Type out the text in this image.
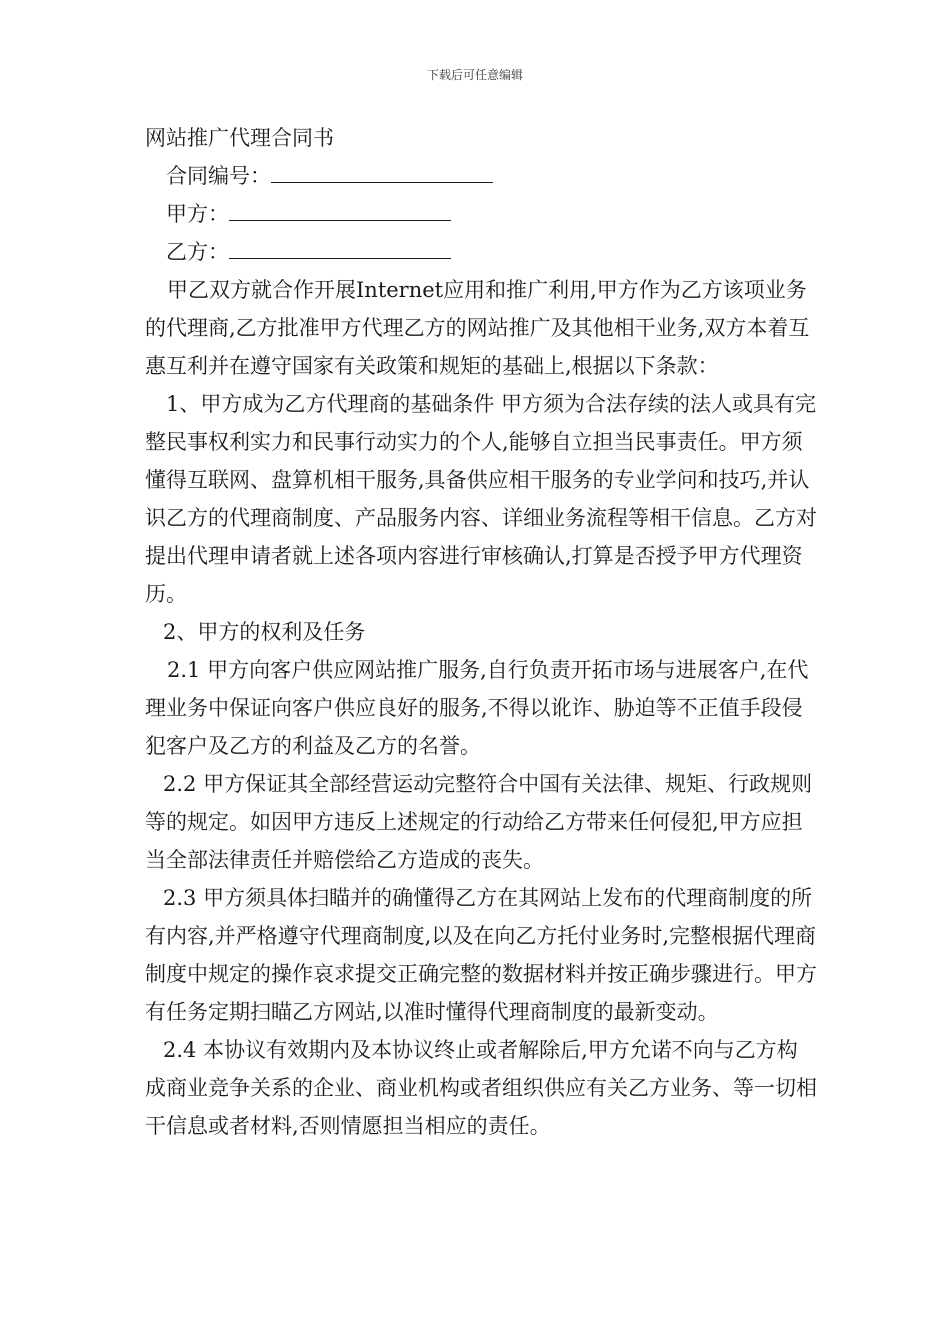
下载后可任意编辑

网站推广代理合同书

合同编号：

甲方：

乙方：

甲乙双方就合作开展Internet应用和推广利用,甲方作为乙方该项业务的代理商,乙方批准甲方代理乙方的网站推广及其他相干业务,双方本着互惠互利并在遵守国家有关政策和规矩的基础上,根据以下条款：

1、甲方成为乙方代理商的基础条件 甲方须为合法存续的法人或具有完整民事权利实力和民事行动实力的个人,能够自立担当民事责任。甲方须懂得互联网、盘算机相干服务,具备供应相干服务的专业学问和技巧,并认识乙方的代理商制度、产品服务内容、详细业务流程等相干信息。乙方对提出代理申请者就上述各项内容进行审核确认,打算是否授予甲方代理资历。

2、甲方的权利及任务

2.1 甲方向客户供应网站推广服务,自行负责开拓市场与进展客户,在代理业务中保证向客户供应良好的服务,不得以讹诈、胁迫等不正值手段侵犯客户及乙方的利益及乙方的名誉。

2.2 甲方保证其全部经营运动完整符合中国有关法律、规矩、行政规则等的规定。如因甲方违反上述规定的行动给乙方带来任何侵犯,甲方应担当全部法律责任并赔偿给乙方造成的丧失。

2.3 甲方须具体扫瞄并的确懂得乙方在其网站上发布的代理商制度的所有内容,并严格遵守代理商制度,以及在向乙方托付业务时,完整根据代理商制度中规定的操作哀求提交正确完整的数据材料并按正确步骤进行。甲方有任务定期扫瞄乙方网站,以准时懂得代理商制度的最新变动。

2.4 本协议有效期内及本协议终止或者解除后,甲方允诺不向与乙方构成商业竞争关系的企业、商业机构或者组织供应有关乙方业务、等一切相干信息或者材料,否则情愿担当相应的责任。
